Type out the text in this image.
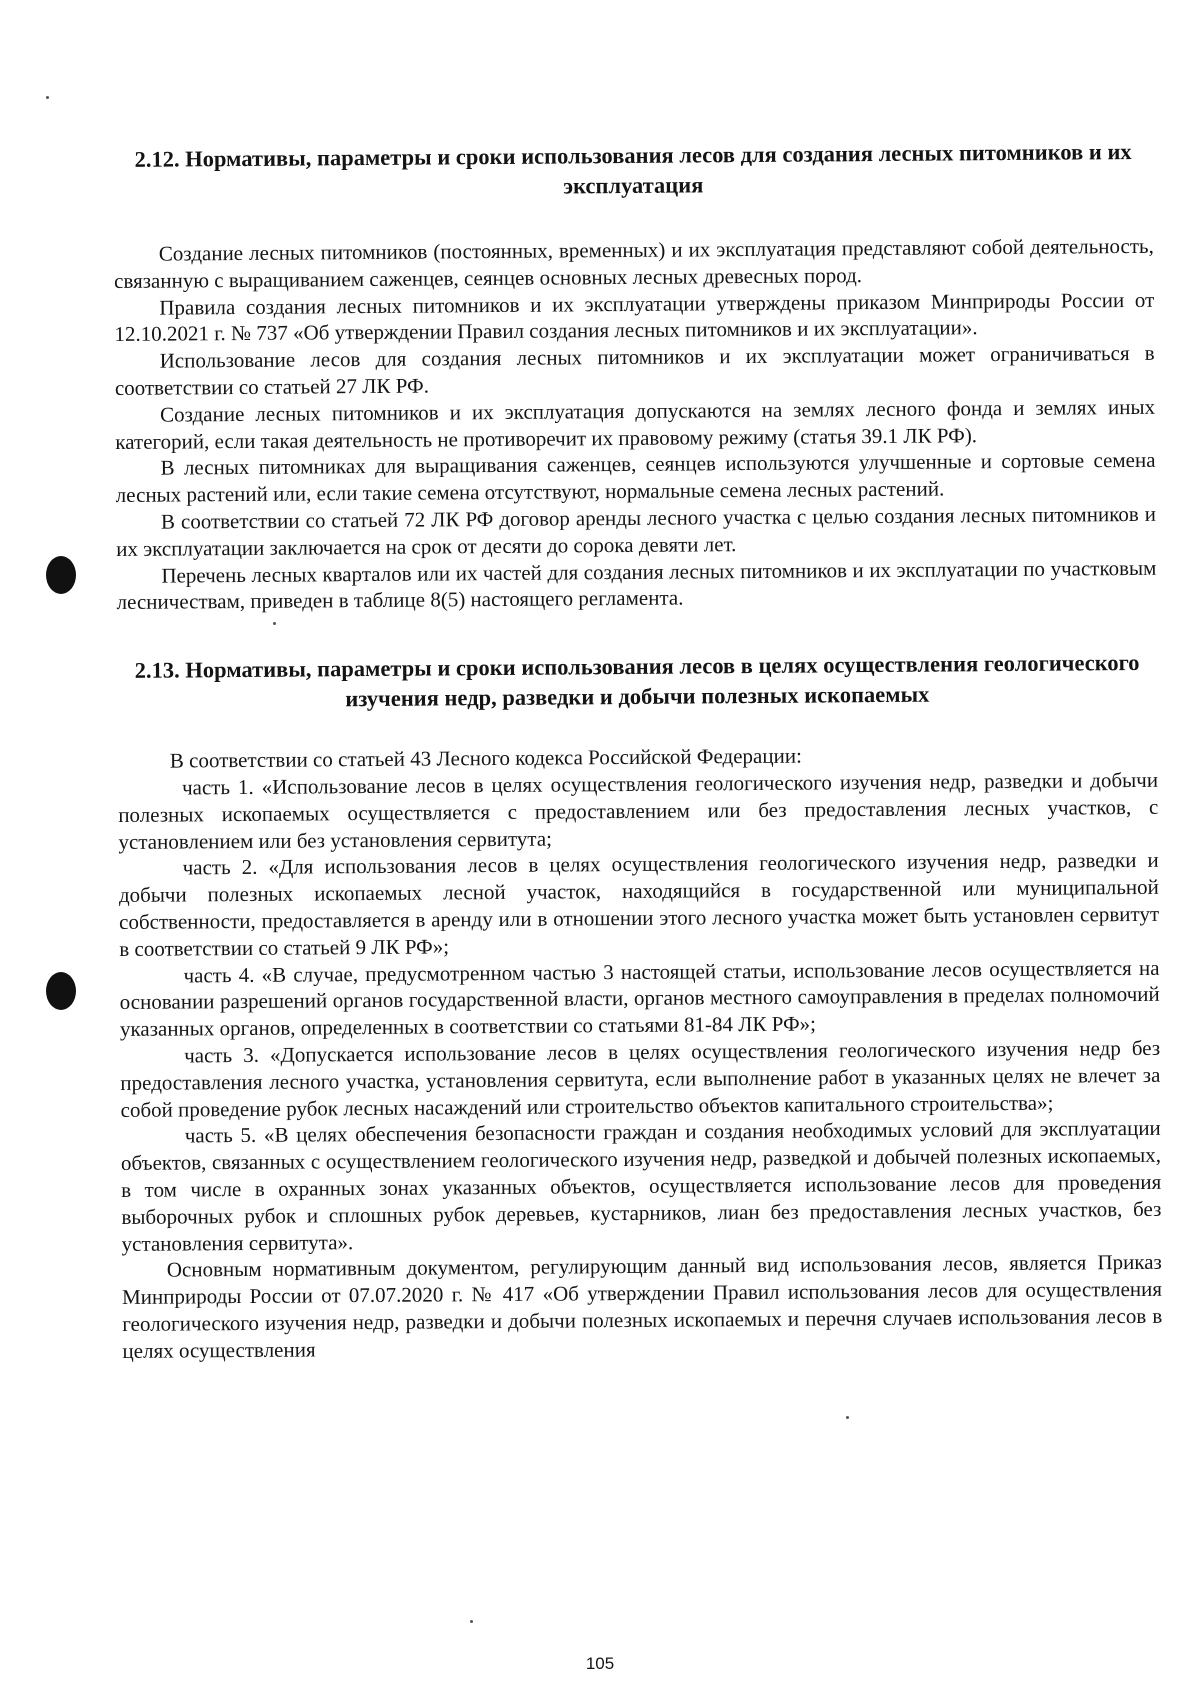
2.12. Нормативы, параметры и сроки использования лесов для создания лесных питомников и их эксплуатация

Создание лесных питомников (постоянных, временных) и их эксплуатация представляют собой деятельность, связанную с выращиванием саженцев, сеянцев основных лесных древесных пород.

Правила создания лесных питомников и их эксплуатации утверждены приказом Минприроды России от 12.10.2021 г. № 737 «Об утверждении Правил создания лесных питомников и их эксплуатации».

Использование лесов для создания лесных питомников и их эксплуатации может ограничиваться в соответствии со статьей 27 ЛК РФ.

Создание лесных питомников и их эксплуатация допускаются на землях лесного фонда и землях иных категорий, если такая деятельность не противоречит их правовому режиму (статья 39.1 ЛК РФ).

В лесных питомниках для выращивания саженцев, сеянцев используются улучшенные и сортовые семена лесных растений или, если такие семена отсутствуют, нормальные семена лесных растений.

В соответствии со статьей 72 ЛК РФ договор аренды лесного участка с целью создания лесных питомников и их эксплуатации заключается на срок от десяти до сорока девяти лет.

Перечень лесных кварталов или их частей для создания лесных питомников и их эксплуатации по участковым лесничествам, приведен в таблице 8(5) настоящего регламента.

2.13. Нормативы, параметры и сроки использования лесов в целях осуществления геологического изучения недр, разведки и добычи полезных ископаемых

В соответствии со статьей 43 Лесного кодекса Российской Федерации:

часть 1. «Использование лесов в целях осуществления геологического изучения недр, разведки и добычи полезных ископаемых осуществляется с предоставлением или без предоставления лесных участков, с установлением или без установления сервитута;

часть 2. «Для использования лесов в целях осуществления геологического изучения недр, разведки и добычи полезных ископаемых лесной участок, находящийся в государственной или муниципальной собственности, предоставляется в аренду или в отношении этого лесного участка может быть установлен сервитут в соответствии со статьей 9 ЛК РФ»;

часть 4. «В случае, предусмотренном частью 3 настоящей статьи, использование лесов осуществляется на основании разрешений органов государственной власти, органов местного самоуправления в пределах полномочий указанных органов, определенных в соответствии со статьями 81-84 ЛК РФ»;

часть 3. «Допускается использование лесов в целях осуществления геологического изучения недр без предоставления лесного участка, установления сервитута, если выполнение работ в указанных целях не влечет за собой проведение рубок лесных насаждений или строительство объектов капитального строительства»;

часть 5. «В целях обеспечения безопасности граждан и создания необходимых условий для эксплуатации объектов, связанных с осуществлением геологического изучения недр, разведкой и добычей полезных ископаемых, в том числе в охранных зонах указанных объектов, осуществляется использование лесов для проведения выборочных рубок и сплошных рубок деревьев, кустарников, лиан без предоставления лесных участков, без установления сервитута».

Основным нормативным документом, регулирующим данный вид использования лесов, является Приказ Минприроды России от 07.07.2020 г. № 417 «Об утверждении Правил использования лесов для осуществления геологического изучения недр, разведки и добычи полезных ископаемых и перечня случаев использования лесов в целях осуществления

105
